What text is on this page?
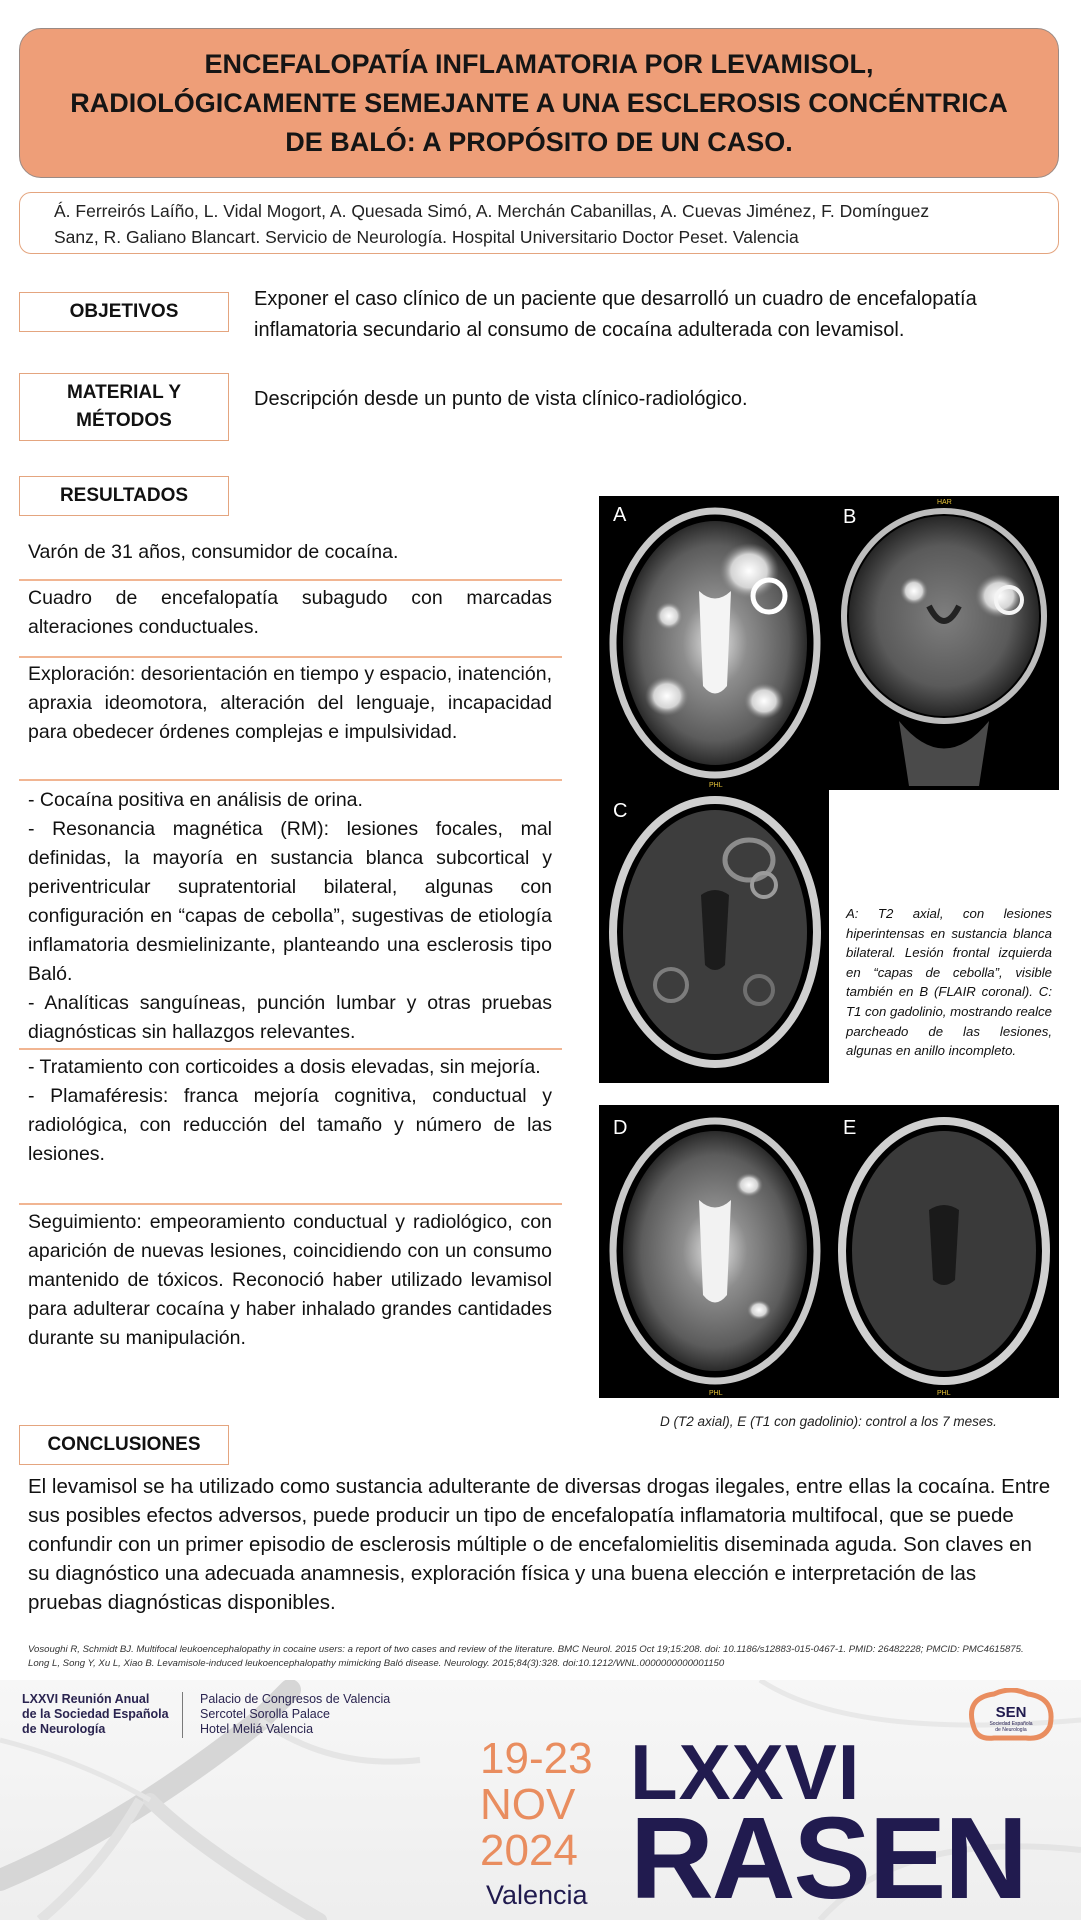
ENCEFALOPATÍA INFLAMATORIA POR LEVAMISOL,
RADIOLÓGICAMENTE SEMEJANTE A UNA ESCLEROSIS CONCÉNTRICA
DE BALÓ: A PROPÓSITO DE UN CASO.
Á. Ferreirós Laíño, L. Vidal Mogort, A. Quesada Simó, A. Merchán Cabanillas, A. Cuevas Jiménez, F. Domínguez
Sanz, R. Galiano Blancart. Servicio de Neurología. Hospital Universitario Doctor Peset. Valencia
OBJETIVOS
Exponer el caso clínico de un paciente que desarrolló un cuadro de encefalopatía inflamatoria secundario al consumo de cocaína adulterada con levamisol.
MATERIAL Y
MÉTODOS
Descripción desde un punto de vista clínico-radiológico.
RESULTADOS
Varón de 31 años, consumidor de cocaína.
Cuadro de encefalopatía subagudo con marcadas alteraciones conductuales.
Exploración: desorientación en tiempo y espacio, inatención, apraxia ideomotora, alteración del lenguaje, incapacidad para obedecer órdenes complejas e impulsividad.
- Cocaína positiva en análisis de orina.
- Resonancia magnética (RM): lesiones focales, mal definidas, la mayoría en sustancia blanca subcortical y periventricular supratentorial bilateral, algunas con configuración en “capas de cebolla”, sugestivas de etiología inflamatoria desmielinizante, planteando una esclerosis tipo Baló.
- Analíticas sanguíneas, punción lumbar y otras pruebas diagnósticas sin hallazgos relevantes.
- Tratamiento con corticoides a dosis elevadas, sin mejoría.
- Plamaféresis: franca mejoría cognitiva, conductual y radiológica, con reducción del tamaño y número de las lesiones.
Seguimiento: empeoramiento conductual y radiológico, con aparición de nuevas lesiones, coincidiendo con un consumo mantenido de tóxicos. Reconoció haber utilizado levamisol para adulterar cocaína y haber inhalado grandes cantidades durante su manipulación.
HAR
PHL
A	B
C
A: T2 axial, con lesiones hiperintensas en sustancia blanca bilateral. Lesión frontal izquierda en “capas de cebolla”, visible también en B (FLAIR coronal). C: T1 con gadolinio, mostrando realce parcheado de las lesiones, algunas en anillo incompleto.
PHL	PHL
D	E
D (T2 axial), E (T1 con gadolinio): control a los 7 meses.
CONCLUSIONES
El levamisol se ha utilizado como sustancia adulterante de diversas drogas ilegales, entre ellas la cocaína. Entre sus posibles efectos adversos, puede producir un tipo de encefalopatía inflamatoria multifocal, que se puede confundir con un primer episodio de esclerosis múltiple o de encefalomielitis diseminada aguda. Son claves en su diagnóstico una adecuada anamnesis, exploración física y una buena elección e interpretación de las pruebas diagnósticas disponibles.
Vosoughi R, Schmidt BJ. Multifocal leukoencephalopathy in cocaine users: a report of two cases and review of the literature. BMC Neurol. 2015 Oct 19;15:208. doi: 10.1186/s12883-015-0467-1. PMID: 26482228; PMCID: PMC4615875.
Long L, Song Y, Xu L, Xiao B. Levamisole-induced leukoencephalopathy mimicking Baló disease. Neurology. 2015;84(3):328. doi:10.1212/WNL.0000000000001150
LXXVI Reunión Anual
de la Sociedad Española
de Neurología
Palacio de Congresos de Valencia
Sercotel Sorolla Palace
Hotel Meliá Valencia
19-23
NOV
2024
Valencia
LXXVI
RASEN
SEN
Sociedad Española
de Neurología
